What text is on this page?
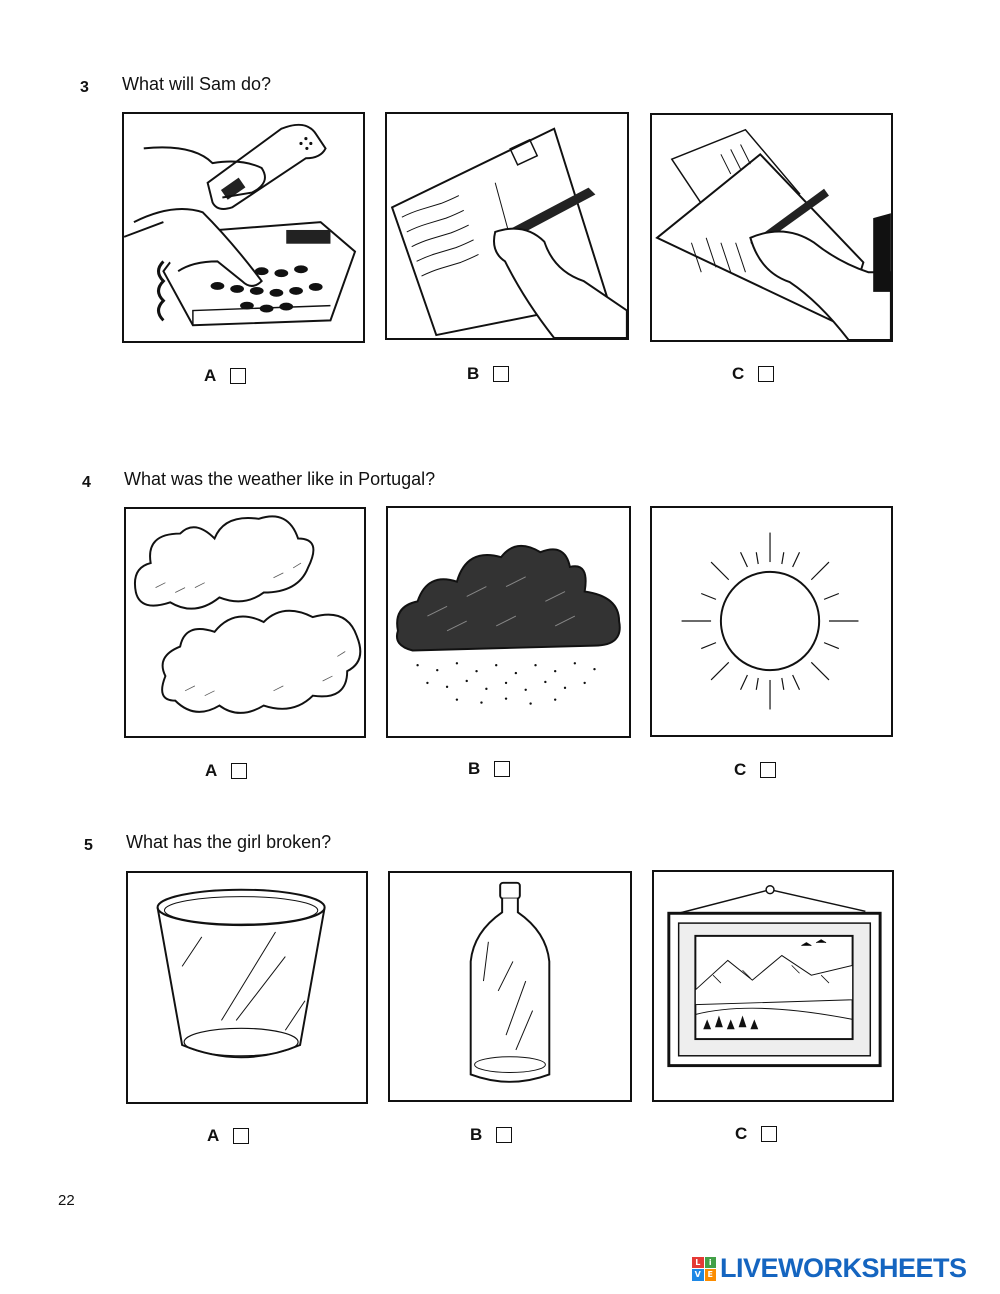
3 What will Sam do?
A	B	C
4 What was the weather like in Portugal?
A	B	C
5 What has the girl broken?
A	B	C
22
L	i
V E LIVEWORKSHEETS
